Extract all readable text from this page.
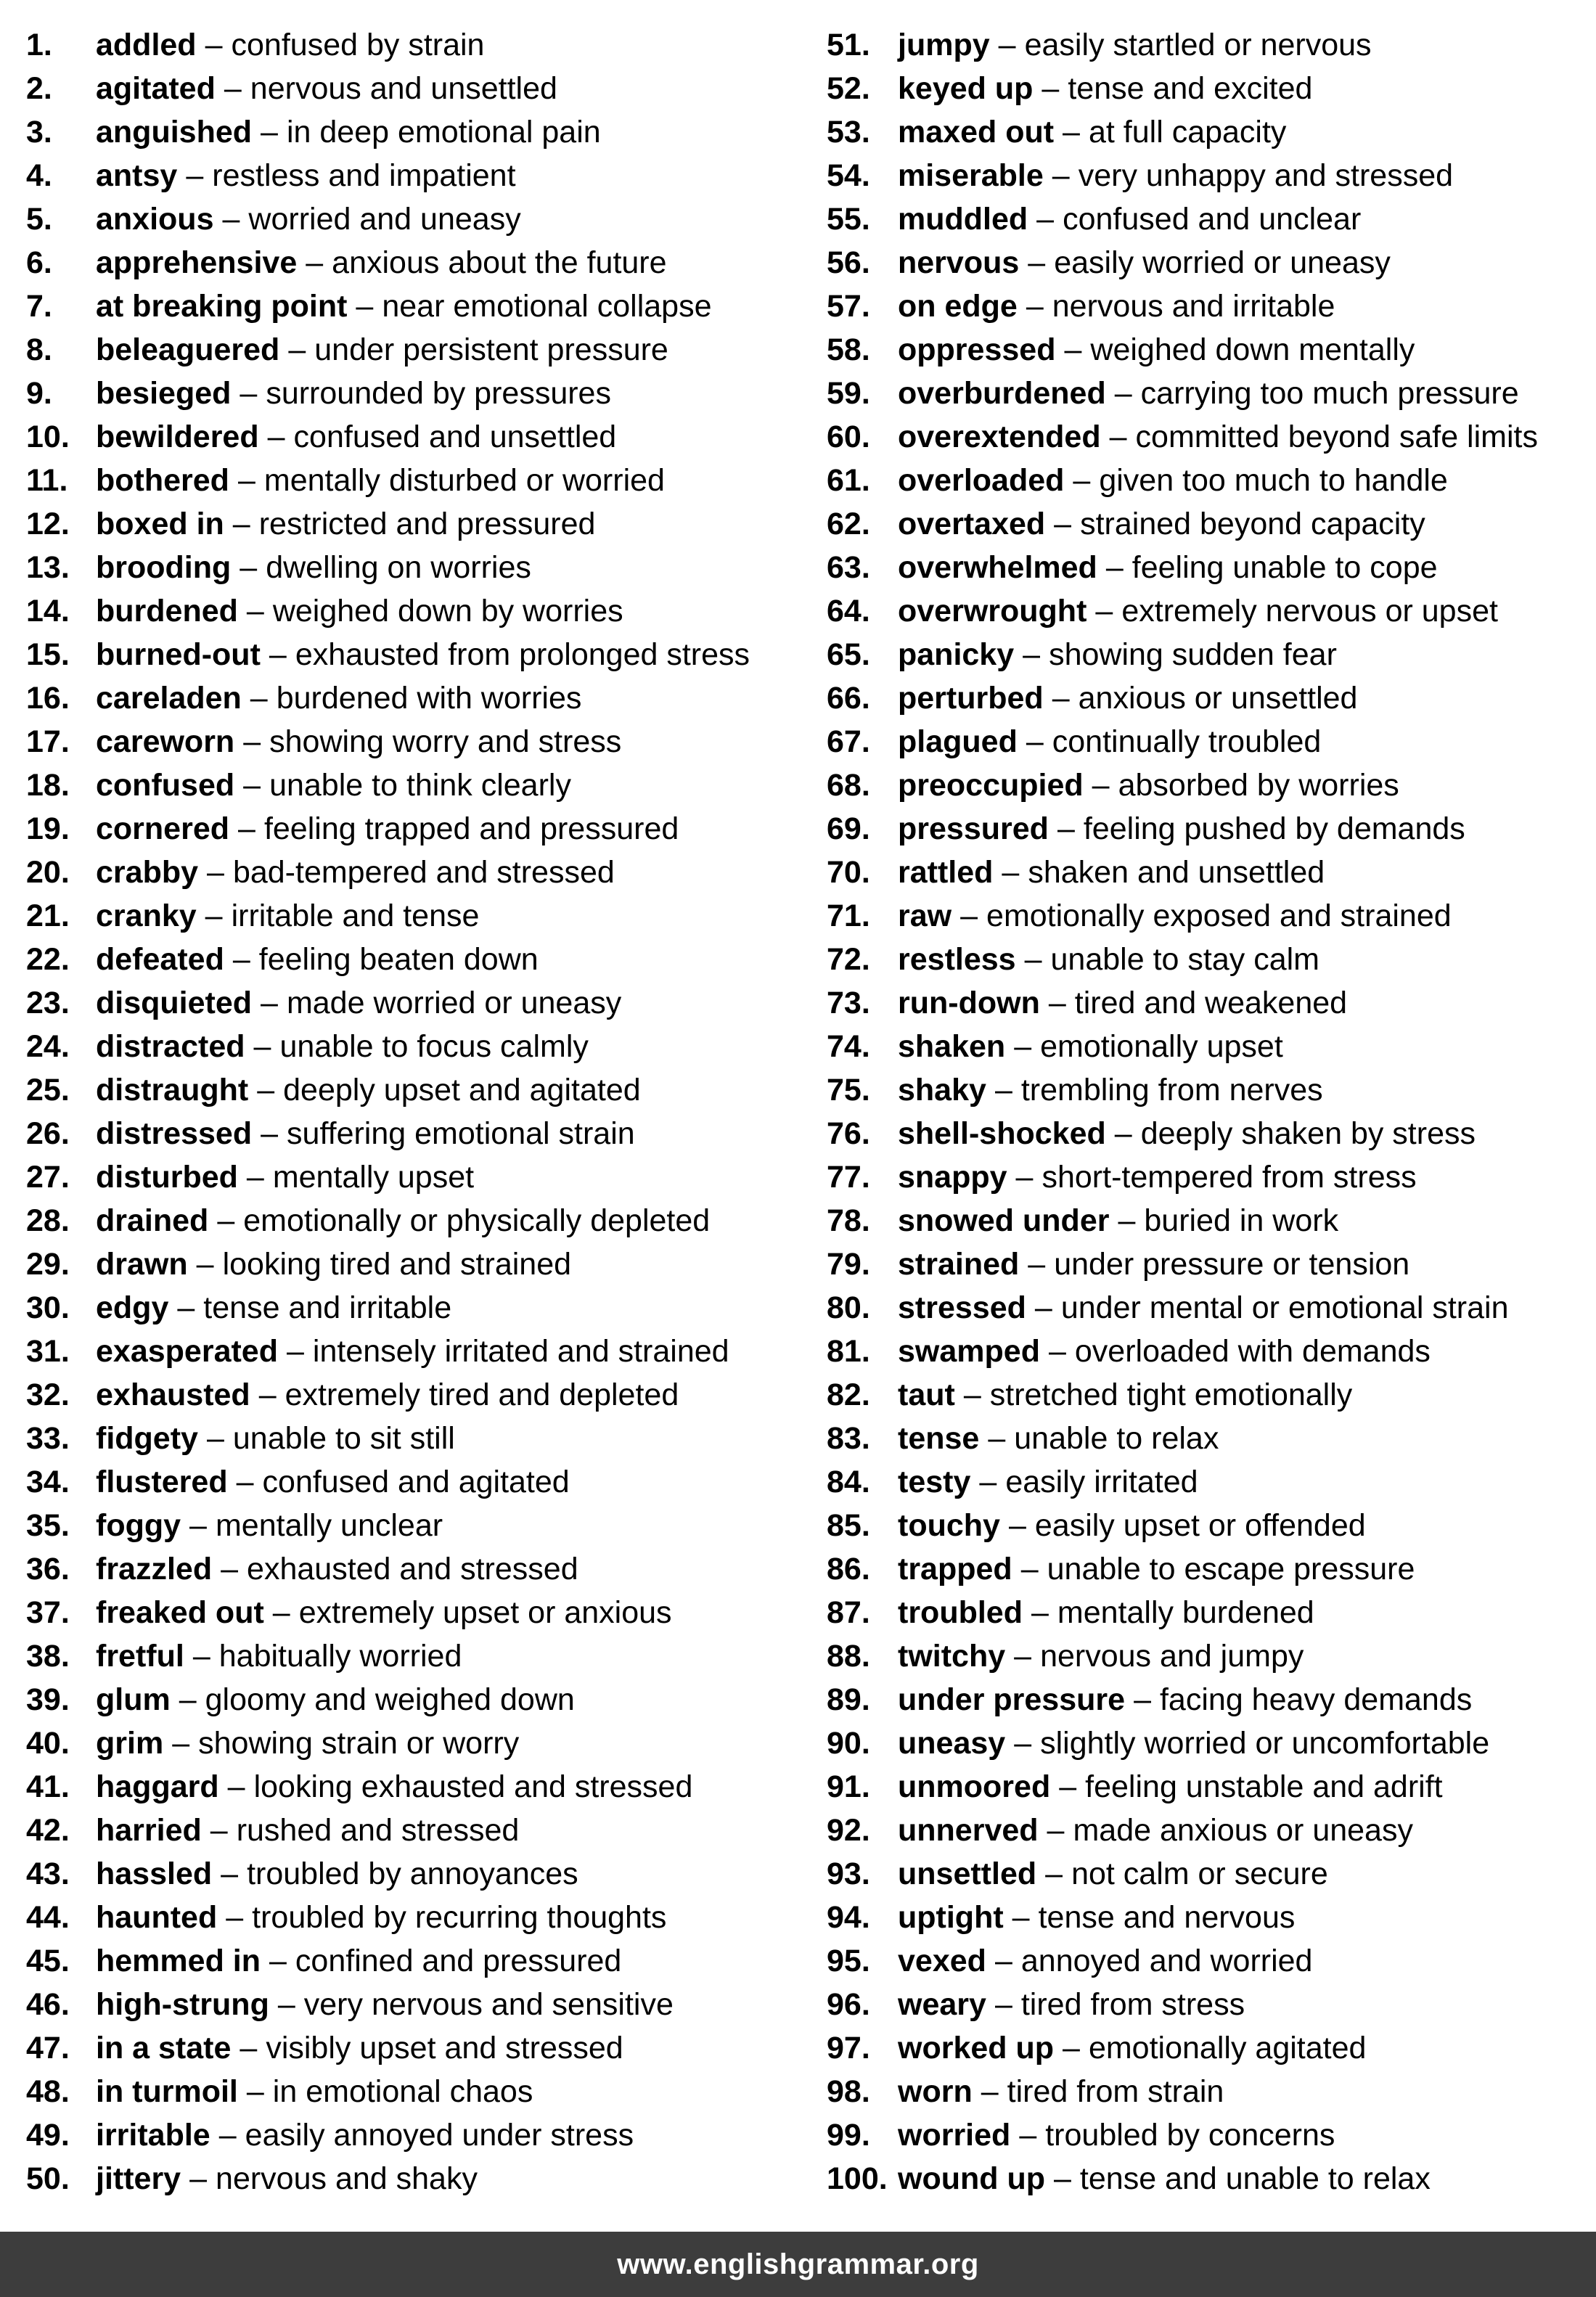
1.	addled – confused by strain
2.	agitated – nervous and unsettled
3.	anguished – in deep emotional pain
4.	antsy – restless and impatient
5.	anxious – worried and uneasy
6.	apprehensive – anxious about the future
7.	at breaking point – near emotional collapse
8.	beleaguered – under persistent pressure
9.	besieged – surrounded by pressures
10. bewildered – confused and unsettled
11. bothered – mentally disturbed or worried
12. boxed in – restricted and pressured
13. brooding – dwelling on worries
14. burdened – weighed down by worries
15. burned-out – exhausted from prolonged stress
16. careladen – burdened with worries
17. careworn – showing worry and stress
18. confused – unable to think clearly
19. cornered – feeling trapped and pressured
20. crabby – bad-tempered and stressed
21. cranky – irritable and tense
22. defeated – feeling beaten down
23. disquieted – made worried or uneasy
24. distracted – unable to focus calmly
25. distraught – deeply upset and agitated
26. distressed – suffering emotional strain
27. disturbed – mentally upset
28. drained – emotionally or physically depleted
29. drawn – looking tired and strained
30. edgy – tense and irritable
31. exasperated – intensely irritated and strained
32. exhausted – extremely tired and depleted
33. fidgety – unable to sit still
34. flustered – confused and agitated
35. foggy – mentally unclear
36. frazzled – exhausted and stressed
37. freaked out – extremely upset or anxious
38. fretful – habitually worried
39. glum – gloomy and weighed down
40. grim – showing strain or worry
41. haggard – looking exhausted and stressed
42. harried – rushed and stressed
43. hassled – troubled by annoyances
44. haunted – troubled by recurring thoughts
45. hemmed in – confined and pressured
46. high-strung – very nervous and sensitive
47. in a state – visibly upset and stressed
48. in turmoil – in emotional chaos
49. irritable – easily annoyed under stress
50. jittery – nervous and shaky
51. jumpy – easily startled or nervous
52. keyed up – tense and excited
53. maxed out – at full capacity
54. miserable – very unhappy and stressed
55. muddled – confused and unclear
56. nervous – easily worried or uneasy
57. on edge – nervous and irritable
58. oppressed – weighed down mentally
59. overburdened – carrying too much pressure
60. overextended – committed beyond safe limits
61. overloaded – given too much to handle
62. overtaxed – strained beyond capacity
63. overwhelmed – feeling unable to cope
64. overwrought – extremely nervous or upset
65. panicky – showing sudden fear
66. perturbed – anxious or unsettled
67. plagued – continually troubled
68. preoccupied – absorbed by worries
69. pressured – feeling pushed by demands
70. rattled – shaken and unsettled
71. raw – emotionally exposed and strained
72. restless – unable to stay calm
73. run-down – tired and weakened
74. shaken – emotionally upset
75. shaky – trembling from nerves
76. shell-shocked – deeply shaken by stress
77. snappy – short-tempered from stress
78. snowed under – buried in work
79. strained – under pressure or tension
80. stressed – under mental or emotional strain
81. swamped – overloaded with demands
82. taut – stretched tight emotionally
83. tense – unable to relax
84. testy – easily irritated
85. touchy – easily upset or offended
86. trapped – unable to escape pressure
87. troubled – mentally burdened
88. twitchy – nervous and jumpy
89. under pressure – facing heavy demands
90. uneasy – slightly worried or uncomfortable
91. unmoored – feeling unstable and adrift
92. unnerved – made anxious or uneasy
93. unsettled – not calm or secure
94. uptight – tense and nervous
95. vexed – annoyed and worried
96. weary – tired from stress
97. worked up – emotionally agitated
98. worn – tired from strain
99. worried – troubled by concerns
100. wound up – tense and unable to relax
www.englishgrammar.org
